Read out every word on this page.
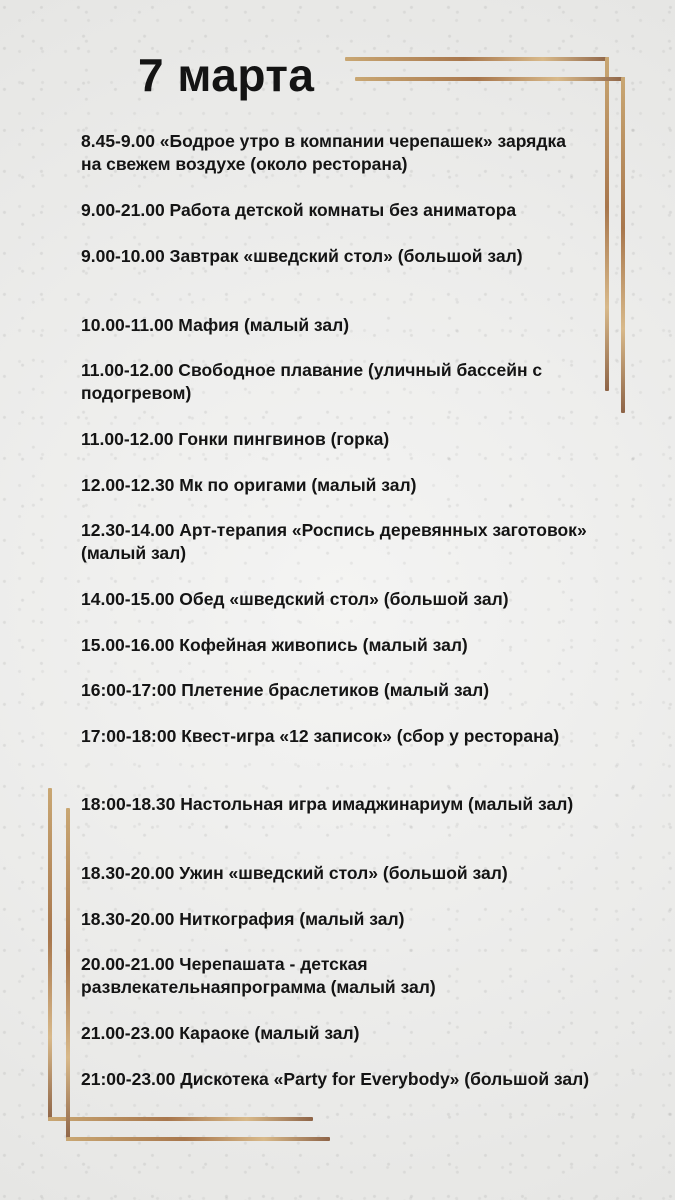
7 марта
8.45-9.00 «Бодрое утро в компании черепашек» зарядка на свежем воздухе (около ресторана)
9.00-21.00 Работа детской комнаты без аниматора
9.00-10.00 Завтрак «шведский стол» (большой зал)
10.00-11.00 Мафия (малый зал)
11.00-12.00 Свободное плавание (уличный бассейн с подогревом)
11.00-12.00 Гонки пингвинов (горка)
12.00-12.30 Мк по оригами (малый зал)
12.30-14.00 Арт-терапия «Роспись деревянных заготовок» (малый зал)
14.00-15.00 Обед «шведский стол» (большой зал)
15.00-16.00 Кофейная живопись (малый зал)
16:00-17:00 Плетение браслетиков (малый зал)
17:00-18:00 Квест-игра «12 записок» (сбор у ресторана)
18:00-18.30 Настольная игра имаджинариум (малый зал)
18.30-20.00 Ужин «шведский стол» (большой зал)
18.30-20.00 Ниткография (малый зал)
20.00-21.00 Черепашата - детская развлекательнаяпрограмма (малый зал)
21.00-23.00 Караоке (малый зал)
21:00-23.00 Дискотека «Party for Everybody» (большой зал)
